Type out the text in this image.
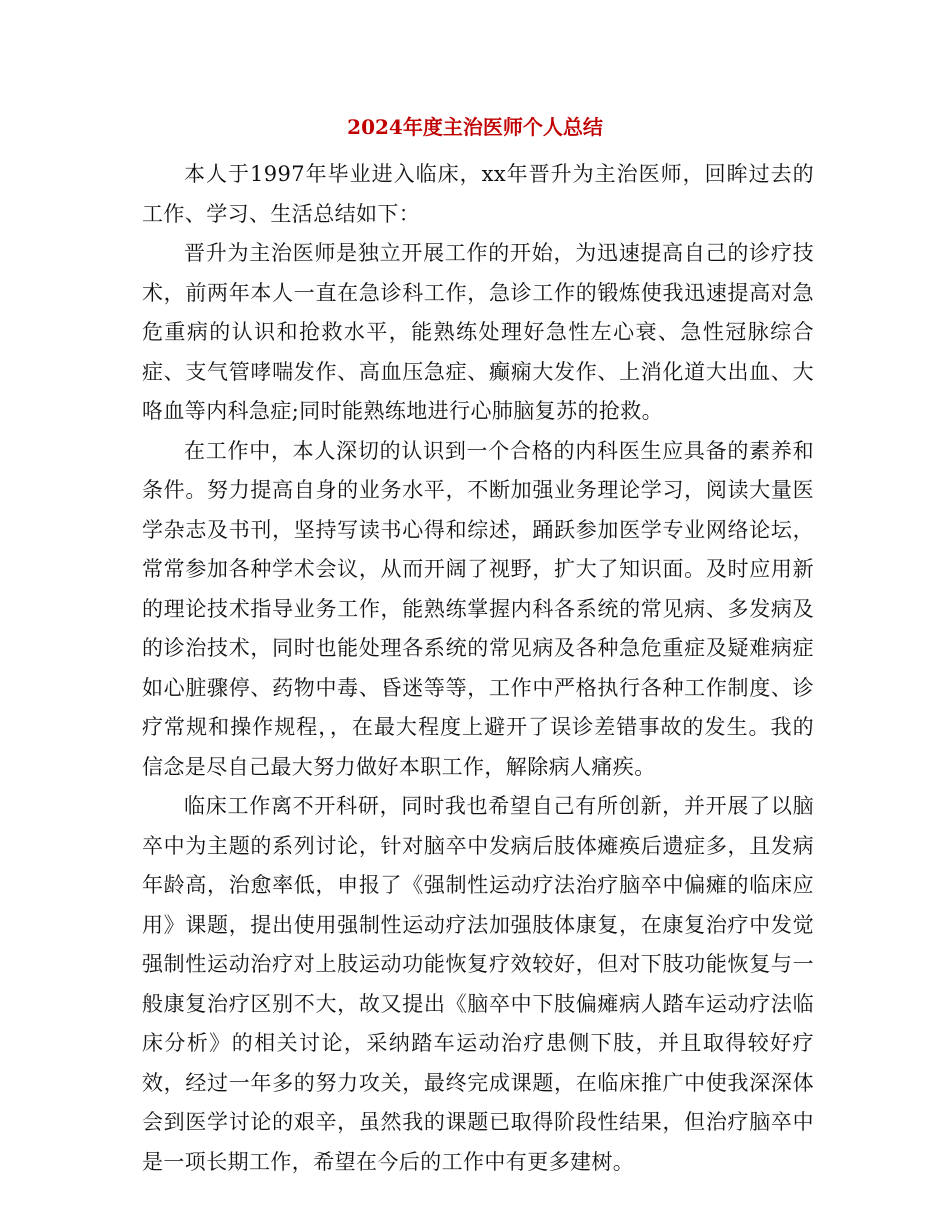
2024年度主治医师个人总结

本人于1997年毕业进入临床，xx年晋升为主治医师，回眸过去的工作、学习、生活总结如下：

晋升为主治医师是独立开展工作的开始，为迅速提高自己的诊疗技术，前两年本人一直在急诊科工作，急诊工作的锻炼使我迅速提高对急危重病的认识和抢救水平，能熟练处理好急性左心衰、急性冠脉综合症、支气管哮喘发作、高血压急症、癫痫大发作、上消化道大出血、大咯血等内科急症;同时能熟练地进行心肺脑复苏的抢救。

在工作中，本人深切的认识到一个合格的内科医生应具备的素养和条件。努力提高自身的业务水平，不断加强业务理论学习，阅读大量医学杂志及书刊，坚持写读书心得和综述，踊跃参加医学专业网络论坛，常常参加各种学术会议，从而开阔了视野，扩大了知识面。及时应用新的理论技术指导业务工作，能熟练掌握内科各系统的常见病、多发病及的诊治技术，同时也能处理各系统的常见病及各种急危重症及疑难病症如心脏骤停、药物中毒、昏迷等等，工作中严格执行各种工作制度、诊疗常规和操作规程，，在最大程度上避开了误诊差错事故的发生。我的信念是尽自己最大努力做好本职工作，解除病人痛疾。

临床工作离不开科研，同时我也希望自己有所创新，并开展了以脑卒中为主题的系列讨论，针对脑卒中发病后肢体瘫痪后遗症多，且发病年龄高，治愈率低，申报了《强制性运动疗法治疗脑卒中偏瘫的临床应用》课题，提出使用强制性运动疗法加强肢体康复，在康复治疗中发觉强制性运动治疗对上肢运动功能恢复疗效较好，但对下肢功能恢复与一般康复治疗区别不大，故又提出《脑卒中下肢偏瘫病人踏车运动疗法临床分析》的相关讨论，采纳踏车运动治疗患侧下肢，并且取得较好疗效，经过一年多的努力攻关，最终完成课题，在临床推广中使我深深体会到医学讨论的艰辛，虽然我的课题已取得阶段性结果，但治疗脑卒中是一项长期工作，希望在今后的工作中有更多建树。
